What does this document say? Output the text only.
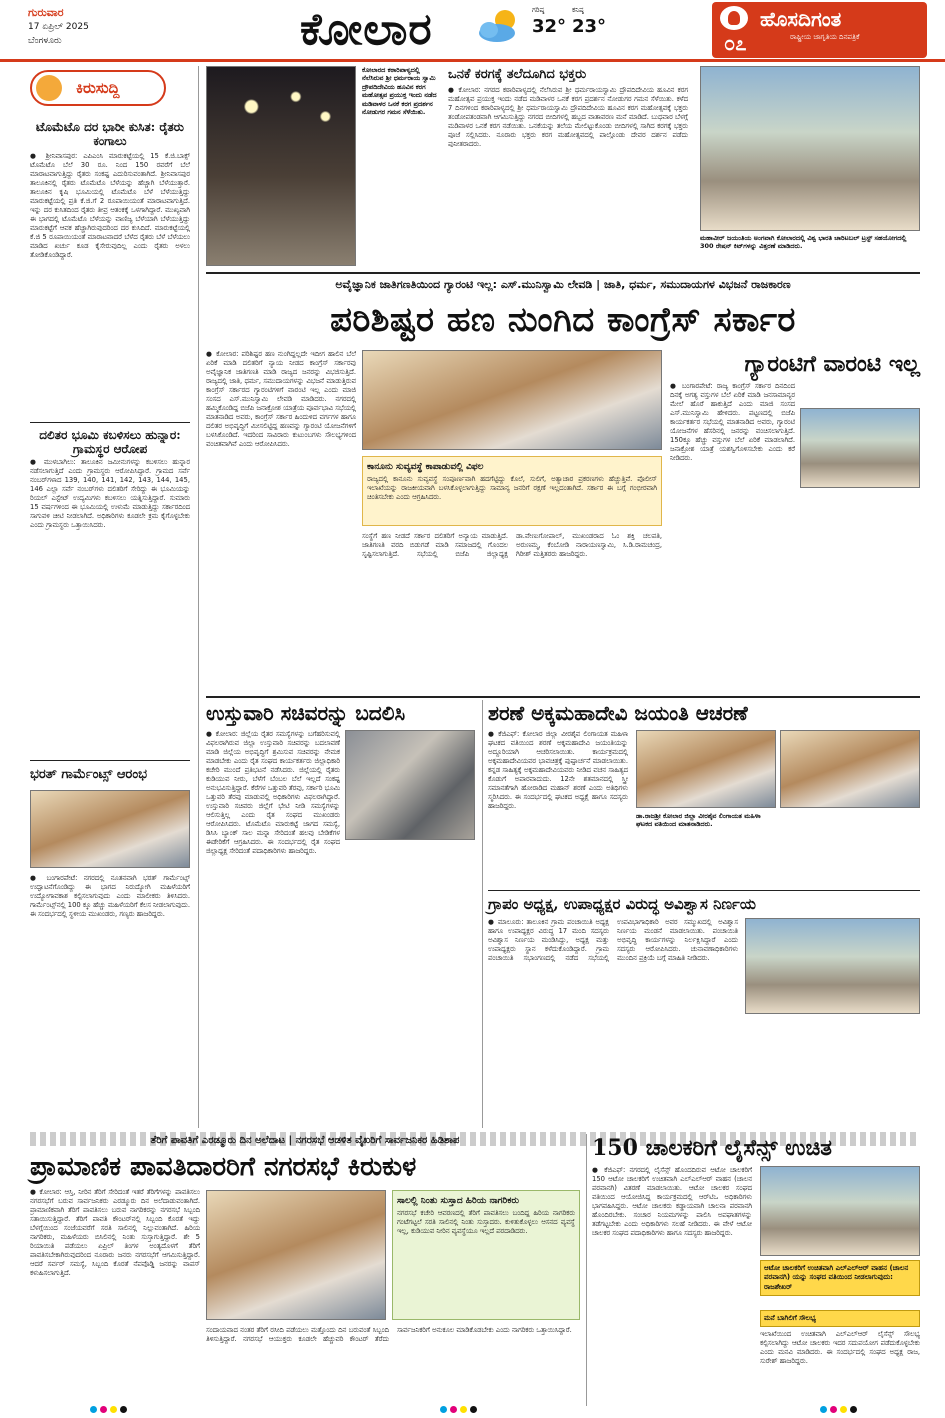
ಗುರುವಾರ
17 ಏಪ್ರಿಲ್ 2025
ಬೆಂಗಳೂರು	ಕೋಲಾರ	ಗರಿಷ್ಠ
32°
ಕನಿಷ್ಠ
23°	ಹೊಸದಿಗಂತ
ರಾಷ್ಟ್ರೀಯ ಜಾಗೃತಿಯ ದಿನಪತ್ರಿಕೆ
೦೭
ಕಿರುಸುದ್ದಿ
ಟೊಮೆಟೊ ದರ ಭಾರೀ ಕುಸಿತ: ರೈತರು ಕಂಗಾಲು
● ಶ್ರೀನಿವಾಸಪುರ: ಎಪಿಎಂಸಿ ಮಾರುಕಟ್ಟೆಯಲ್ಲಿ 15 ಕೆ.ಜಿ.ಬಾಕ್ಸ್ ಟೊಮೆಟೊ ಬೆಲೆ 30 ರೂ. ನಿಂದ 150 ರವರೆಗೆ ಬೆಲೆ ಮಾರಾಟವಾಗುತ್ತಿದ್ದು ರೈತರು ಸಂಕಷ್ಟ ಎದುರಿಸುವಂತಾಗಿದೆ. ಶ್ರೀನಿವಾಸಪುರ ತಾಲೂಕಿನಲ್ಲಿ ರೈತರು ಟೊಮೆಟೊ ಬೆಳೆಯನ್ನು ಹೆಚ್ಚಾಗಿ ಬೆಳೆಯುತ್ತಾರೆ. ತಾಲೂಕಿನ ಕೃಷಿ ಭೂಮಿಯಲ್ಲಿ ಟೊಮೆಟೊ ಬೆಳೆ ಬೆಳೆಯುತ್ತಿದ್ದು ಮಾರುಕಟ್ಟೆಯಲ್ಲಿ ಪ್ರತಿ ಕೆ.ಜಿ.ಗೆ 2 ರೂಪಾಯಿಯಂತೆ ಮಾರಾಟವಾಗುತ್ತಿದೆ. ಇನ್ನು ದರ ಕುಸಿತದಿಂದ ರೈತರು ತೀವ್ರ ಆತಂಕಕ್ಕೆ ಒಳಗಾಗಿದ್ದಾರೆ. ಮುಖ್ಯವಾಗಿ ಈ ಭಾಗದಲ್ಲಿ ಟೊಮೆಟೊ ಬೆಳೆಯನ್ನು ವಾಣಿಜ್ಯ ಬೆಳೆಯಾಗಿ ಬೆಳೆಯುತ್ತಿದ್ದು ಮಾರುಕಟ್ಟೆಗೆ ಆವಕ ಹೆಚ್ಚಾಗಿರುವುದರಿಂದ ದರ ಕುಸಿದಿದೆ. ಮಾರುಕಟ್ಟೆಯಲ್ಲಿ ಕೆ.ಜಿ 5 ರೂಪಾಯಿಯಂತೆ ಮಾರಾಟವಾದರೆ ಬೆಳೆದ ರೈತರು ಬೆಳೆ ಬೆಳೆಯಲು ಮಾಡಿದ ಖರ್ಚು ಕೂಡ ಕೈಸೇರುವುದಿಲ್ಲ ಎಂದು ರೈತರು ಅಳಲು ತೋಡಿಕೊಂಡಿದ್ದಾರೆ.
ದಲಿತರ ಭೂಮಿ ಕಬಳಿಸಲು ಹುನ್ನಾರ: ಗ್ರಾಮಸ್ಥರ ಆರೋಪ
● ಮುಳಬಾಗಿಲು: ತಾಲೂಕಿನ ಜಮೀನುಗಳನ್ನು ಕಬಳಿಸಲು ಹುನ್ನಾರ ನಡೆಸಲಾಗುತ್ತಿದೆ ಎಂದು ಗ್ರಾಮಸ್ಥರು ಆರೋಪಿಸಿದ್ದಾರೆ. ಗ್ರಾಮದ ಸರ್ವೆ ನಂಬರ್‌ಗಳಾದ 139, 140, 141, 142, 143, 144, 145, 146 ಎಲ್ಲಾ ಸರ್ವೆ ನಂಬರ್‌ಗಳು ದಲಿತರಿಗೆ ಸೇರಿದ್ದು ಈ ಭೂಮಿಯನ್ನು ರಿಯಲ್ ಎಸ್ಟೇಟ್ ಉದ್ಯಮಿಗಳು ಕಬಳಿಸಲು ಯತ್ನಿಸುತ್ತಿದ್ದಾರೆ. ಸುಮಾರು 15 ವರ್ಷಗಳಿಂದ ಈ ಭೂಮಿಯಲ್ಲಿ ಉಳುಮೆ ಮಾಡುತ್ತಿದ್ದು ಸರ್ಕಾರದಿಂದ ಸಾಗುವಳಿ ಚೀಟಿ ನೀಡಲಾಗಿದೆ. ಅಧಿಕಾರಿಗಳು ಕೂಡಲೇ ಕ್ರಮ ಕೈಗೊಳ್ಳಬೇಕು ಎಂದು ಗ್ರಾಮಸ್ಥರು ಒತ್ತಾಯಿಸಿದರು.
ಭರತ್ ಗಾರ್ಮೆಂಟ್ಸ್ ಆರಂಭ
● ಬಂಗಾರಪೇಟೆ: ನಗರದಲ್ಲಿ ನೂತನವಾಗಿ ಭರತ್ ಗಾರ್ಮೆಂಟ್ಸ್ ಉದ್ಘಾಟನೆಗೊಂಡಿದ್ದು ಈ ಭಾಗದ ನಿರುದ್ಯೋಗಿ ಮಹಿಳೆಯರಿಗೆ ಉದ್ಯೋಗಾವಕಾಶ ಕಲ್ಪಿಸಲಾಗುವುದು ಎಂದು ಮಾಲೀಕರು ತಿಳಿಸಿದರು. ಗಾರ್ಮೆಂಟ್ಸ್‌ನಲ್ಲಿ 100 ಕ್ಕೂ ಹೆಚ್ಚು ಮಹಿಳೆಯರಿಗೆ ಕೆಲಸ ನೀಡಲಾಗುವುದು. ಈ ಸಂದರ್ಭದಲ್ಲಿ ಸ್ಥಳೀಯ ಮುಖಂಡರು, ಗಣ್ಯರು ಹಾಜರಿದ್ದರು.
ಕೋಲಾರದ ಕಠಾರಿಪಾಳ್ಯದಲ್ಲಿ ನೆಲೆಸಿರುವ ಶ್ರೀ ಧರ್ಮರಾಯ ಸ್ವಾಮಿ ದ್ರೌಪದಿದೇವಿಯ ಹೂವಿನ ಕರಗ ಮಹೋತ್ಸವ ಪ್ರಯುಕ್ತ ಇಂದು ನಡೆದ ಮಡಿವಾಳರ ಒನಕೆ ಕರಗ ಪ್ರದರ್ಶನ ನೋಡುಗರ ಗಮನ ಸೆಳೆಯಿತು.
ಒನಕೆ ಕರಗಕ್ಕೆ ತಲೆದೂಗಿದ ಭಕ್ತರು
● ಕೋಲಾರ: ನಗರದ ಕಠಾರಿಪಾಳ್ಯದಲ್ಲಿ ನೆಲೆಸಿರುವ ಶ್ರೀ ಧರ್ಮರಾಯಸ್ವಾಮಿ ದ್ರೌಪದಿದೇವಿಯ ಹೂವಿನ ಕರಗ ಮಹೋತ್ಸವ ಪ್ರಯುಕ್ತ ಇಂದು ನಡೆದ ಮಡಿವಾಳರ ಒನಕೆ ಕರಗ ಪ್ರದರ್ಶನ ನೋಡುಗರ ಗಮನ ಸೆಳೆಯಿತು. ಕಳೆದ 7 ದಿನಗಳಿಂದ ಕಠಾರಿಪಾಳ್ಯದಲ್ಲಿ ಶ್ರೀ ಧರ್ಮರಾಯಸ್ವಾಮಿ ದ್ರೌಪದಿದೇವಿಯ ಹೂವಿನ ಕರಗ ಮಹೋತ್ಸವಕ್ಕೆ ಭಕ್ತರು ತಂಡೋಪತಂಡವಾಗಿ ಆಗಮಿಸುತ್ತಿದ್ದು ನಗರದ ಬೀದಿಗಳಲ್ಲಿ ಹಬ್ಬದ ವಾತಾವರಣ ಮನೆ ಮಾಡಿದೆ. ಬುಧವಾರ ಬೆಳಗ್ಗೆ ಮಡಿವಾಳರ ಒನಕೆ ಕರಗ ನಡೆಯಿತು. ಒನಕೆಯನ್ನು ತಲೆಯ ಮೇಲಿಟ್ಟುಕೊಂಡು ಬೀದಿಗಳಲ್ಲಿ ಸಾಗಿದ ಕರಗಕ್ಕೆ ಭಕ್ತರು ಪೂಜೆ ಸಲ್ಲಿಸಿದರು. ನೂರಾರು ಭಕ್ತರು ಕರಗ ಮಹೋತ್ಸವದಲ್ಲಿ ಪಾಲ್ಗೊಂಡು ದೇವರ ದರ್ಶನ ಪಡೆದು ಪುನೀತರಾದರು.
ಮಹಾವೀರ್ ಜಯಂತಿಯ ಅಂಗವಾಗಿ ಕೋಲಾರದಲ್ಲಿ ವಿಶ್ವ ಭಾರತಿ ಚಾರಿಟಬಲ್ ಟ್ರಸ್ಟ್ ಸಹಯೋಗದಲ್ಲಿ 300 ರೇಷನ್ ಕಿಟ್‌ಗಳನ್ನು ವಿತ್ತರಣೆ ಮಾಡಿದರು.
ಅವೈಜ್ಞಾನಿಕ ಜಾತಿಗಣತಿಯಿಂದ ಗ್ಯಾರಂಟಿ ಇಲ್ಲ: ಎಸ್.ಮುನಿಸ್ವಾಮಿ ಲೇವಡಿ | ಜಾತಿ, ಧರ್ಮ, ಸಮುದಾಯಗಳ ವಿಭಜನೆ ರಾಜಕಾರಣ
ಪರಿಶಿಷ್ಟರ ಹಣ ನುಂಗಿದ ಕಾಂಗ್ರೆಸ್ ಸರ್ಕಾರ
● ಕೋಲಾರ: ಪರಿಶಿಷ್ಟರ ಹಣ ನುಂಗಿದ್ದಲ್ಲದೇ ಇದೀಗ ಹಾಲಿನ ಬೆಲೆ ಏರಿಕೆ ಮಾಡಿ ದಲಿತರಿಗೆ ನ್ಯಾಯ ನೀಡದ ಕಾಂಗ್ರೆಸ್ ಸರ್ಕಾರವು ಅವೈಜ್ಞಾನಿಕ ಜಾತಿಗಣತಿ ಮಾಡಿ ರಾಜ್ಯದ ಜನರನ್ನು ವಿಭಜಿಸುತ್ತಿದೆ. ರಾಜ್ಯದಲ್ಲಿ ಜಾತಿ, ಧರ್ಮ, ಸಮುದಾಯಗಳನ್ನು ವಿಭಜನೆ ಮಾಡುತ್ತಿರುವ ಕಾಂಗ್ರೆಸ್ ಸರ್ಕಾರದ ಗ್ಯಾರಂಟಿಗಳಿಗೆ ವಾರಂಟಿ ಇಲ್ಲ ಎಂದು ಮಾಜಿ ಸಂಸದ ಎಸ್.ಮುನಿಸ್ವಾಮಿ ಲೇವಡಿ ಮಾಡಿದರು. ನಗರದಲ್ಲಿ ಹಮ್ಮಿಕೊಂಡಿದ್ದ ಬಿಜೆಪಿ ಜನಾಕ್ರೋಶ ಯಾತ್ರೆಯ ಪೂರ್ವಭಾವಿ ಸಭೆಯಲ್ಲಿ ಮಾತನಾಡಿದ ಅವರು, ಕಾಂಗ್ರೆಸ್ ಸರ್ಕಾರ ಹಿಂದುಳಿದ ವರ್ಗಗಳ ಹಾಗೂ ದಲಿತರ ಅಭಿವೃದ್ಧಿಗೆ ಮೀಸಲಿಟ್ಟಿದ್ದ ಹಣವನ್ನು ಗ್ಯಾರಂಟಿ ಯೋಜನೆಗಳಿಗೆ ಬಳಸಿಕೊಂಡಿದೆ. ಇದರಿಂದ ಸಾವಿರಾರು ಕುಟುಂಬಗಳು ಸೌಲಭ್ಯಗಳಿಂದ ವಂಚಿತವಾಗಿವೆ ಎಂದು ಆರೋಪಿಸಿದರು.
ಕಾನೂನು ಸುವ್ಯವಸ್ಥೆ ಕಾಪಾಡುವಲ್ಲಿ ವಿಫಲ
ರಾಜ್ಯದಲ್ಲಿ ಕಾನೂನು ಸುವ್ಯವಸ್ಥೆ ಸಂಪೂರ್ಣವಾಗಿ ಹದಗೆಟ್ಟಿದ್ದು ಕೊಲೆ, ಸುಲಿಗೆ, ಅತ್ಯಾಚಾರ ಪ್ರಕರಣಗಳು ಹೆಚ್ಚುತ್ತಿವೆ. ಪೊಲೀಸ್ ಇಲಾಖೆಯನ್ನು ರಾಜಕೀಯವಾಗಿ ಬಳಸಿಕೊಳ್ಳಲಾಗುತ್ತಿದ್ದು ಸಾಮಾನ್ಯ ಜನರಿಗೆ ರಕ್ಷಣೆ ಇಲ್ಲದಂತಾಗಿದೆ. ಸರ್ಕಾರ ಈ ಬಗ್ಗೆ ಗಂಭೀರವಾಗಿ ಚಿಂತಿಸಬೇಕು ಎಂದು ಆಗ್ರಹಿಸಿದರು.
ಸಂಸ್ಥೆಗೆ ಹಣ ನೀಡದೆ ಸರ್ಕಾರ ದಲಿತರಿಗೆ ಅನ್ಯಾಯ ಮಾಡುತ್ತಿದೆ. ಜಾತಿಗಣತಿ ವರದಿ ಬಿಡುಗಡೆ ಮಾಡಿ ಸಮಾಜದಲ್ಲಿ ಗೊಂದಲ ಸೃಷ್ಟಿಸಲಾಗುತ್ತಿದೆ. ಸಭೆಯಲ್ಲಿ ಬಿಜೆಪಿ ಜಿಲ್ಲಾಧ್ಯಕ್ಷ ಡಾ.ವೇಣುಗೋಪಾಲ್, ಮುಖಂಡರಾದ ಓಂ ಶಕ್ತಿ ಚಲಪತಿ, ಅರುಣಮ್ಮ, ಕೆಂಬೋಡಿ ನಾರಾಯಣಸ್ವಾಮಿ, ಸಿ.ಡಿ.ರಾಮಚಂದ್ರ, ಗಿರೀಶ್ ಮತ್ತಿತರರು ಹಾಜರಿದ್ದರು.
ಗ್ಯಾರಂಟಿಗೆ ವಾರಂಟಿ ಇಲ್ಲ
● ಬಂಗಾರಪೇಟೆ: ರಾಜ್ಯ ಕಾಂಗ್ರೆಸ್ ಸರ್ಕಾರ ದಿನದಿಂದ ದಿನಕ್ಕೆ ಅಗತ್ಯ ವಸ್ತುಗಳ ಬೆಲೆ ಏರಿಕೆ ಮಾಡಿ ಜನಸಾಮಾನ್ಯರ ಮೇಲೆ ಹೊರೆ ಹಾಕುತ್ತಿದೆ ಎಂದು ಮಾಜಿ ಸಂಸದ ಎಸ್.ಮುನಿಸ್ವಾಮಿ ಹೇಳಿದರು. ಪಟ್ಟಣದಲ್ಲಿ ಬಿಜೆಪಿ ಕಾರ್ಯಕರ್ತರ ಸಭೆಯಲ್ಲಿ ಮಾತನಾಡಿದ ಅವರು, ಗ್ಯಾರಂಟಿ ಯೋಜನೆಗಳ ಹೆಸರಿನಲ್ಲಿ ಜನರನ್ನು ವಂಚಿಸಲಾಗುತ್ತಿದೆ. 150ಕ್ಕೂ ಹೆಚ್ಚು ವಸ್ತುಗಳ ಬೆಲೆ ಏರಿಕೆ ಮಾಡಲಾಗಿದೆ. ಜನಾಕ್ರೋಶ ಯಾತ್ರೆ ಯಶಸ್ವಿಗೊಳಿಸಬೇಕು ಎಂದು ಕರೆ ನೀಡಿದರು.
ಉಸ್ತುವಾರಿ ಸಚಿವರನ್ನು ಬದಲಿಸಿ
● ಕೋಲಾರ: ಜಿಲ್ಲೆಯ ರೈತರ ಸಮಸ್ಯೆಗಳನ್ನು ಬಗೆಹರಿಸುವಲ್ಲಿ ವಿಫಲರಾಗಿರುವ ಜಿಲ್ಲಾ ಉಸ್ತುವಾರಿ ಸಚಿವರನ್ನು ಬದಲಾವಣೆ ಮಾಡಿ ಜಿಲ್ಲೆಯ ಅಭಿವೃದ್ಧಿಗೆ ಶ್ರಮಿಸುವ ಸಚಿವರನ್ನು ನೇಮಕ ಮಾಡಬೇಕು ಎಂದು ರೈತ ಸಂಘದ ಕಾರ್ಯಕರ್ತರು ಜಿಲ್ಲಾಧಿಕಾರಿ ಕಚೇರಿ ಮುಂದೆ ಪ್ರತಿಭಟನೆ ನಡೆಸಿದರು. ಜಿಲ್ಲೆಯಲ್ಲಿ ರೈತರು ಕುಡಿಯುವ ನೀರು, ಬೆಳೆಗೆ ಬೆಂಬಲ ಬೆಲೆ ಇಲ್ಲದೆ ಸಂಕಷ್ಟ ಅನುಭವಿಸುತ್ತಿದ್ದಾರೆ. ಕೆರೆಗಳ ಒತ್ತುವರಿ ತೆರವು, ಸರ್ಕಾರಿ ಭೂಮಿ ಒತ್ತುವರಿ ತೆರವು ಮಾಡುವಲ್ಲಿ ಅಧಿಕಾರಿಗಳು ವಿಫಲರಾಗಿದ್ದಾರೆ. ಉಸ್ತುವಾರಿ ಸಚಿವರು ಜಿಲ್ಲೆಗೆ ಭೇಟಿ ನೀಡಿ ಸಮಸ್ಯೆಗಳನ್ನು ಆಲಿಸುತ್ತಿಲ್ಲ ಎಂದು ರೈತ ಸಂಘದ ಮುಖಂಡರು ಆರೋಪಿಸಿದರು. ಟೊಮೆಟೊ ಮಾರುಕಟ್ಟೆ ಜಾಗದ ಸಮಸ್ಯೆ, ಡಿಸಿಸಿ ಬ್ಯಾಂಕ್ ಸಾಲ ಮನ್ನಾ ಸೇರಿದಂತೆ ಹಲವು ಬೇಡಿಕೆಗಳ ಈಡೇರಿಕೆಗೆ ಆಗ್ರಹಿಸಿದರು. ಈ ಸಂದರ್ಭದಲ್ಲಿ ರೈತ ಸಂಘದ ಜಿಲ್ಲಾಧ್ಯಕ್ಷ ಸೇರಿದಂತೆ ಪದಾಧಿಕಾರಿಗಳು ಹಾಜರಿದ್ದರು.
ಶರಣೆ ಅಕ್ಕಮಹಾದೇವಿ ಜಯಂತಿ ಆಚರಣೆ
● ಕೆಜಿಎಫ್: ಕೋಲಾರ ಜಿಲ್ಲಾ ವೀರಶೈವ ಲಿಂಗಾಯತ ಮಹಿಳಾ ಘಟಕದ ವತಿಯಿಂದ ಶರಣೆ ಅಕ್ಕಮಹಾದೇವಿ ಜಯಂತಿಯನ್ನು ಅದ್ದೂರಿಯಾಗಿ ಆಚರಿಸಲಾಯಿತು. ಕಾರ್ಯಕ್ರಮದಲ್ಲಿ ಅಕ್ಕಮಹಾದೇವಿಯವರ ಭಾವಚಿತ್ರಕ್ಕೆ ಪುಷ್ಪಾರ್ಚನೆ ಮಾಡಲಾಯಿತು. ಕನ್ನಡ ಸಾಹಿತ್ಯಕ್ಕೆ ಅಕ್ಕಮಹಾದೇವಿಯವರು ನೀಡಿದ ವಚನ ಸಾಹಿತ್ಯದ ಕೊಡುಗೆ ಅಪಾರವಾದುದು. 12ನೇ ಶತಮಾನದಲ್ಲಿ ಸ್ತ್ರೀ ಸಮಾನತೆಗಾಗಿ ಹೋರಾಡಿದ ಮಹಾನ್ ಶರಣೆ ಎಂದು ಅತಿಥಿಗಳು ಸ್ಮರಿಸಿದರು. ಈ ಸಂದರ್ಭದಲ್ಲಿ ಘಟಕದ ಅಧ್ಯಕ್ಷೆ ಹಾಗೂ ಸದಸ್ಯರು ಹಾಜರಿದ್ದರು.
ಡಾ.ರಾಜಶ್ರೀ ಕೋಲಾರ ಜಿಲ್ಲಾ ವೀರಶೈವ ಲಿಂಗಾಯತ ಮಹಿಳಾ ಘಟಕದ ವತಿಯಿಂದ ಮಾತನಾಡಿದರು.
ಗ್ರಾಪಂ ಅಧ್ಯಕ್ಷ, ಉಪಾಧ್ಯಕ್ಷರ ವಿರುದ್ಧ ಅವಿಶ್ವಾಸ ನಿರ್ಣಯ
● ಮಾಲೂರು: ತಾಲೂಕಿನ ಗ್ರಾಮ ಪಂಚಾಯಿತಿ ಅಧ್ಯಕ್ಷ ಹಾಗೂ ಉಪಾಧ್ಯಕ್ಷರ ವಿರುದ್ಧ 17 ಮಂದಿ ಸದಸ್ಯರು ಅವಿಶ್ವಾಸ ನಿರ್ಣಯ ಮಂಡಿಸಿದ್ದು, ಅಧ್ಯಕ್ಷ ಮತ್ತು ಉಪಾಧ್ಯಕ್ಷರು ಸ್ಥಾನ ಕಳೆದುಕೊಂಡಿದ್ದಾರೆ. ಗ್ರಾಮ ಪಂಚಾಯಿತಿ ಸಭಾಂಗಣದಲ್ಲಿ ನಡೆದ ಸಭೆಯಲ್ಲಿ ಉಪವಿಭಾಗಾಧಿಕಾರಿ ಅವರ ಸಮ್ಮುಖದಲ್ಲಿ ಅವಿಶ್ವಾಸ ನಿರ್ಣಯ ಮಂಡನೆ ಮಾಡಲಾಯಿತು. ಪಂಚಾಯಿತಿ ಅಭಿವೃದ್ಧಿ ಕಾರ್ಯಗಳನ್ನು ನಿರ್ಲಕ್ಷಿಸಿದ್ದಾರೆ ಎಂದು ಸದಸ್ಯರು ಆರೋಪಿಸಿದರು. ಚುನಾವಣಾಧಿಕಾರಿಗಳು ಮುಂದಿನ ಪ್ರಕ್ರಿಯೆ ಬಗ್ಗೆ ಮಾಹಿತಿ ನೀಡಿದರು.
ತೆರಿಗೆ ಪಾವತಿಗೆ ಎರಡ್ಮೂರು ದಿನ ಅಲೆದಾಟ | ನಗರಸಭೆ ಆಡಳಿತ ವೈಖರಿಗೆ ಸಾರ್ವಜನಿಕರ ಹಿಡಿಶಾಪ
ಪ್ರಾಮಾಣಿಕ ಪಾವತಿದಾರರಿಗೆ ನಗರಸಭೆ ಕಿರುಕುಳ
● ಕೋಲಾರ: ಆಸ್ತಿ, ನೀರಿನ ತೆರಿಗೆ ಸೇರಿದಂತೆ ಇತರೆ ತೆರಿಗೆಗಳನ್ನು ಪಾವತಿಸಲು ನಗರಸಭೆಗೆ ಬರುವ ಸಾರ್ವಜನಿಕರು ಎರಡ್ಮೂರು ದಿನ ಅಲೆದಾಡುವಂತಾಗಿದೆ. ಪ್ರಾಮಾಣಿಕವಾಗಿ ತೆರಿಗೆ ಪಾವತಿಸಲು ಬರುವ ನಾಗರಿಕರನ್ನು ನಗರಸಭೆ ಸಿಬ್ಬಂದಿ ಸತಾಯಿಸುತ್ತಿದ್ದಾರೆ. ತೆರಿಗೆ ಪಾವತಿ ಕೌಂಟರ್‌ನಲ್ಲಿ ಸಿಬ್ಬಂದಿ ಕೊರತೆ ಇದ್ದು ಬೆಳಗ್ಗೆಯಿಂದ ಸಂಜೆಯವರೆಗೆ ಸರತಿ ಸಾಲಿನಲ್ಲಿ ನಿಲ್ಲುವಂತಾಗಿದೆ. ಹಿರಿಯ ನಾಗರಿಕರು, ಮಹಿಳೆಯರು ಬಿಸಿಲಿನಲ್ಲಿ ನಿಂತು ಸುಸ್ತಾಗುತ್ತಿದ್ದಾರೆ. ಶೇ 5 ರಿಯಾಯಿತಿ ಪಡೆಯಲು ಏಪ್ರಿಲ್ ತಿಂಗಳ ಅಂತ್ಯದೊಳಗೆ ತೆರಿಗೆ ಪಾವತಿಸಬೇಕಾಗಿರುವುದರಿಂದ ನೂರಾರು ಜನರು ನಗರಸಭೆಗೆ ಆಗಮಿಸುತ್ತಿದ್ದಾರೆ. ಆದರೆ ಸರ್ವರ್ ಸಮಸ್ಯೆ, ಸಿಬ್ಬಂದಿ ಕೊರತೆ ನೆಪವೊಡ್ಡಿ ಜನರನ್ನು ವಾಪಸ್ ಕಳುಹಿಸಲಾಗುತ್ತಿದೆ.
ಸಾಲಲ್ಲಿ ನಿಂತು ಸುಸ್ತಾದ ಹಿರಿಯ ನಾಗರಿಕರು
ನಗರಸಭೆ ಕಚೇರಿ ಆವರಣದಲ್ಲಿ ತೆರಿಗೆ ಪಾವತಿಸಲು ಬಂದಿದ್ದ ಹಿರಿಯ ನಾಗರಿಕರು ಗಂಟೆಗಟ್ಟಲೆ ಸರತಿ ಸಾಲಿನಲ್ಲಿ ನಿಂತು ಸುಸ್ತಾದರು. ಕುಳಿತುಕೊಳ್ಳಲು ಆಸನದ ವ್ಯವಸ್ಥೆ ಇಲ್ಲ, ಕುಡಿಯುವ ನೀರಿನ ವ್ಯವಸ್ಥೆಯೂ ಇಲ್ಲದೆ ಪರದಾಡಿದರು.
ಸಂದಾಯವಾದ ನಂತರ ತೆರಿಗೆ ರಸೀದಿ ಪಡೆಯಲು ಮತ್ತೊಂದು ದಿನ ಬರುವಂತೆ ಸಿಬ್ಬಂದಿ ತಿಳಿಸುತ್ತಿದ್ದಾರೆ. ನಗರಸಭೆ ಆಯುಕ್ತರು ಕೂಡಲೇ ಹೆಚ್ಚುವರಿ ಕೌಂಟರ್ ತೆರೆದು ಸಾರ್ವಜನಿಕರಿಗೆ ಅನುಕೂಲ ಮಾಡಿಕೊಡಬೇಕು ಎಂದು ನಾಗರಿಕರು ಒತ್ತಾಯಿಸಿದ್ದಾರೆ.
150 ಚಾಲಕರಿಗೆ ಲೈಸೆನ್ಸ್ ಉಚಿತ
● ಕೆಜಿಎಫ್: ನಗರದಲ್ಲಿ ಲೈಸೆನ್ಸ್ ಹೊಂದದಿರುವ ಆಟೋ ಚಾಲಕರಿಗೆ 150 ಆಟೋ ಚಾಲಕರಿಗೆ ಉಚಿತವಾಗಿ ಎಲ್‌ಎಲ್‌ಆರ್ ವಾಹನ (ಚಾಲನ ಪರವಾನಗಿ) ವಿತರಣೆ ಮಾಡಲಾಯಿತು. ಆಟೋ ಚಾಲಕರ ಸಂಘದ ವತಿಯಿಂದ ಆಯೋಜಿಸಿದ್ದ ಕಾರ್ಯಕ್ರಮದಲ್ಲಿ ಆರ್‌ಟಿಒ ಅಧಿಕಾರಿಗಳು ಭಾಗವಹಿಸಿದ್ದರು. ಆಟೋ ಚಾಲಕರು ಕಡ್ಡಾಯವಾಗಿ ಚಾಲನಾ ಪರವಾನಗಿ ಹೊಂದಿರಬೇಕು. ಸಂಚಾರ ನಿಯಮಗಳನ್ನು ಪಾಲಿಸಿ ಅಪಘಾತಗಳನ್ನು ತಡೆಗಟ್ಟಬೇಕು ಎಂದು ಅಧಿಕಾರಿಗಳು ಸಲಹೆ ನೀಡಿದರು. ಈ ವೇಳೆ ಆಟೋ ಚಾಲಕರ ಸಂಘದ ಪದಾಧಿಕಾರಿಗಳು ಹಾಗೂ ಸದಸ್ಯರು ಹಾಜರಿದ್ದರು.
ಆಟೋ ಚಾಲಕರಿಗೆ ಉಚಿತವಾಗಿ ಎಲ್‌ಎಲ್‌ಆರ್ ವಾಹನ (ಚಾಲನ ಪರವಾನಗಿ) ಯನ್ನು ಸಂಘದ ವತಿಯಿಂದ ನೀಡಲಾಗುವುದು: ರಾಜಶೇಖರ್
ಮನೆ ಬಾಗಿಲಿಗೆ ಸೌಲಭ್ಯ
ಇಲಾಖೆಯಿಂದ ಉಚಿತವಾಗಿ ಎಲ್‌ಎಲ್‌ಆರ್ ಲೈಸೆನ್ಸ್ ಸೌಲಭ್ಯ ಕಲ್ಪಿಸಲಾಗಿದ್ದು ಆಟೋ ಚಾಲಕರು ಇದರ ಸದುಪಯೋಗ ಪಡೆದುಕೊಳ್ಳಬೇಕು ಎಂದು ಮನವಿ ಮಾಡಿದರು. ಈ ಸಂದರ್ಭದಲ್ಲಿ ಸಂಘದ ಅಧ್ಯಕ್ಷ ರಾಜ, ಸುರೇಶ್ ಹಾಜರಿದ್ದರು.
